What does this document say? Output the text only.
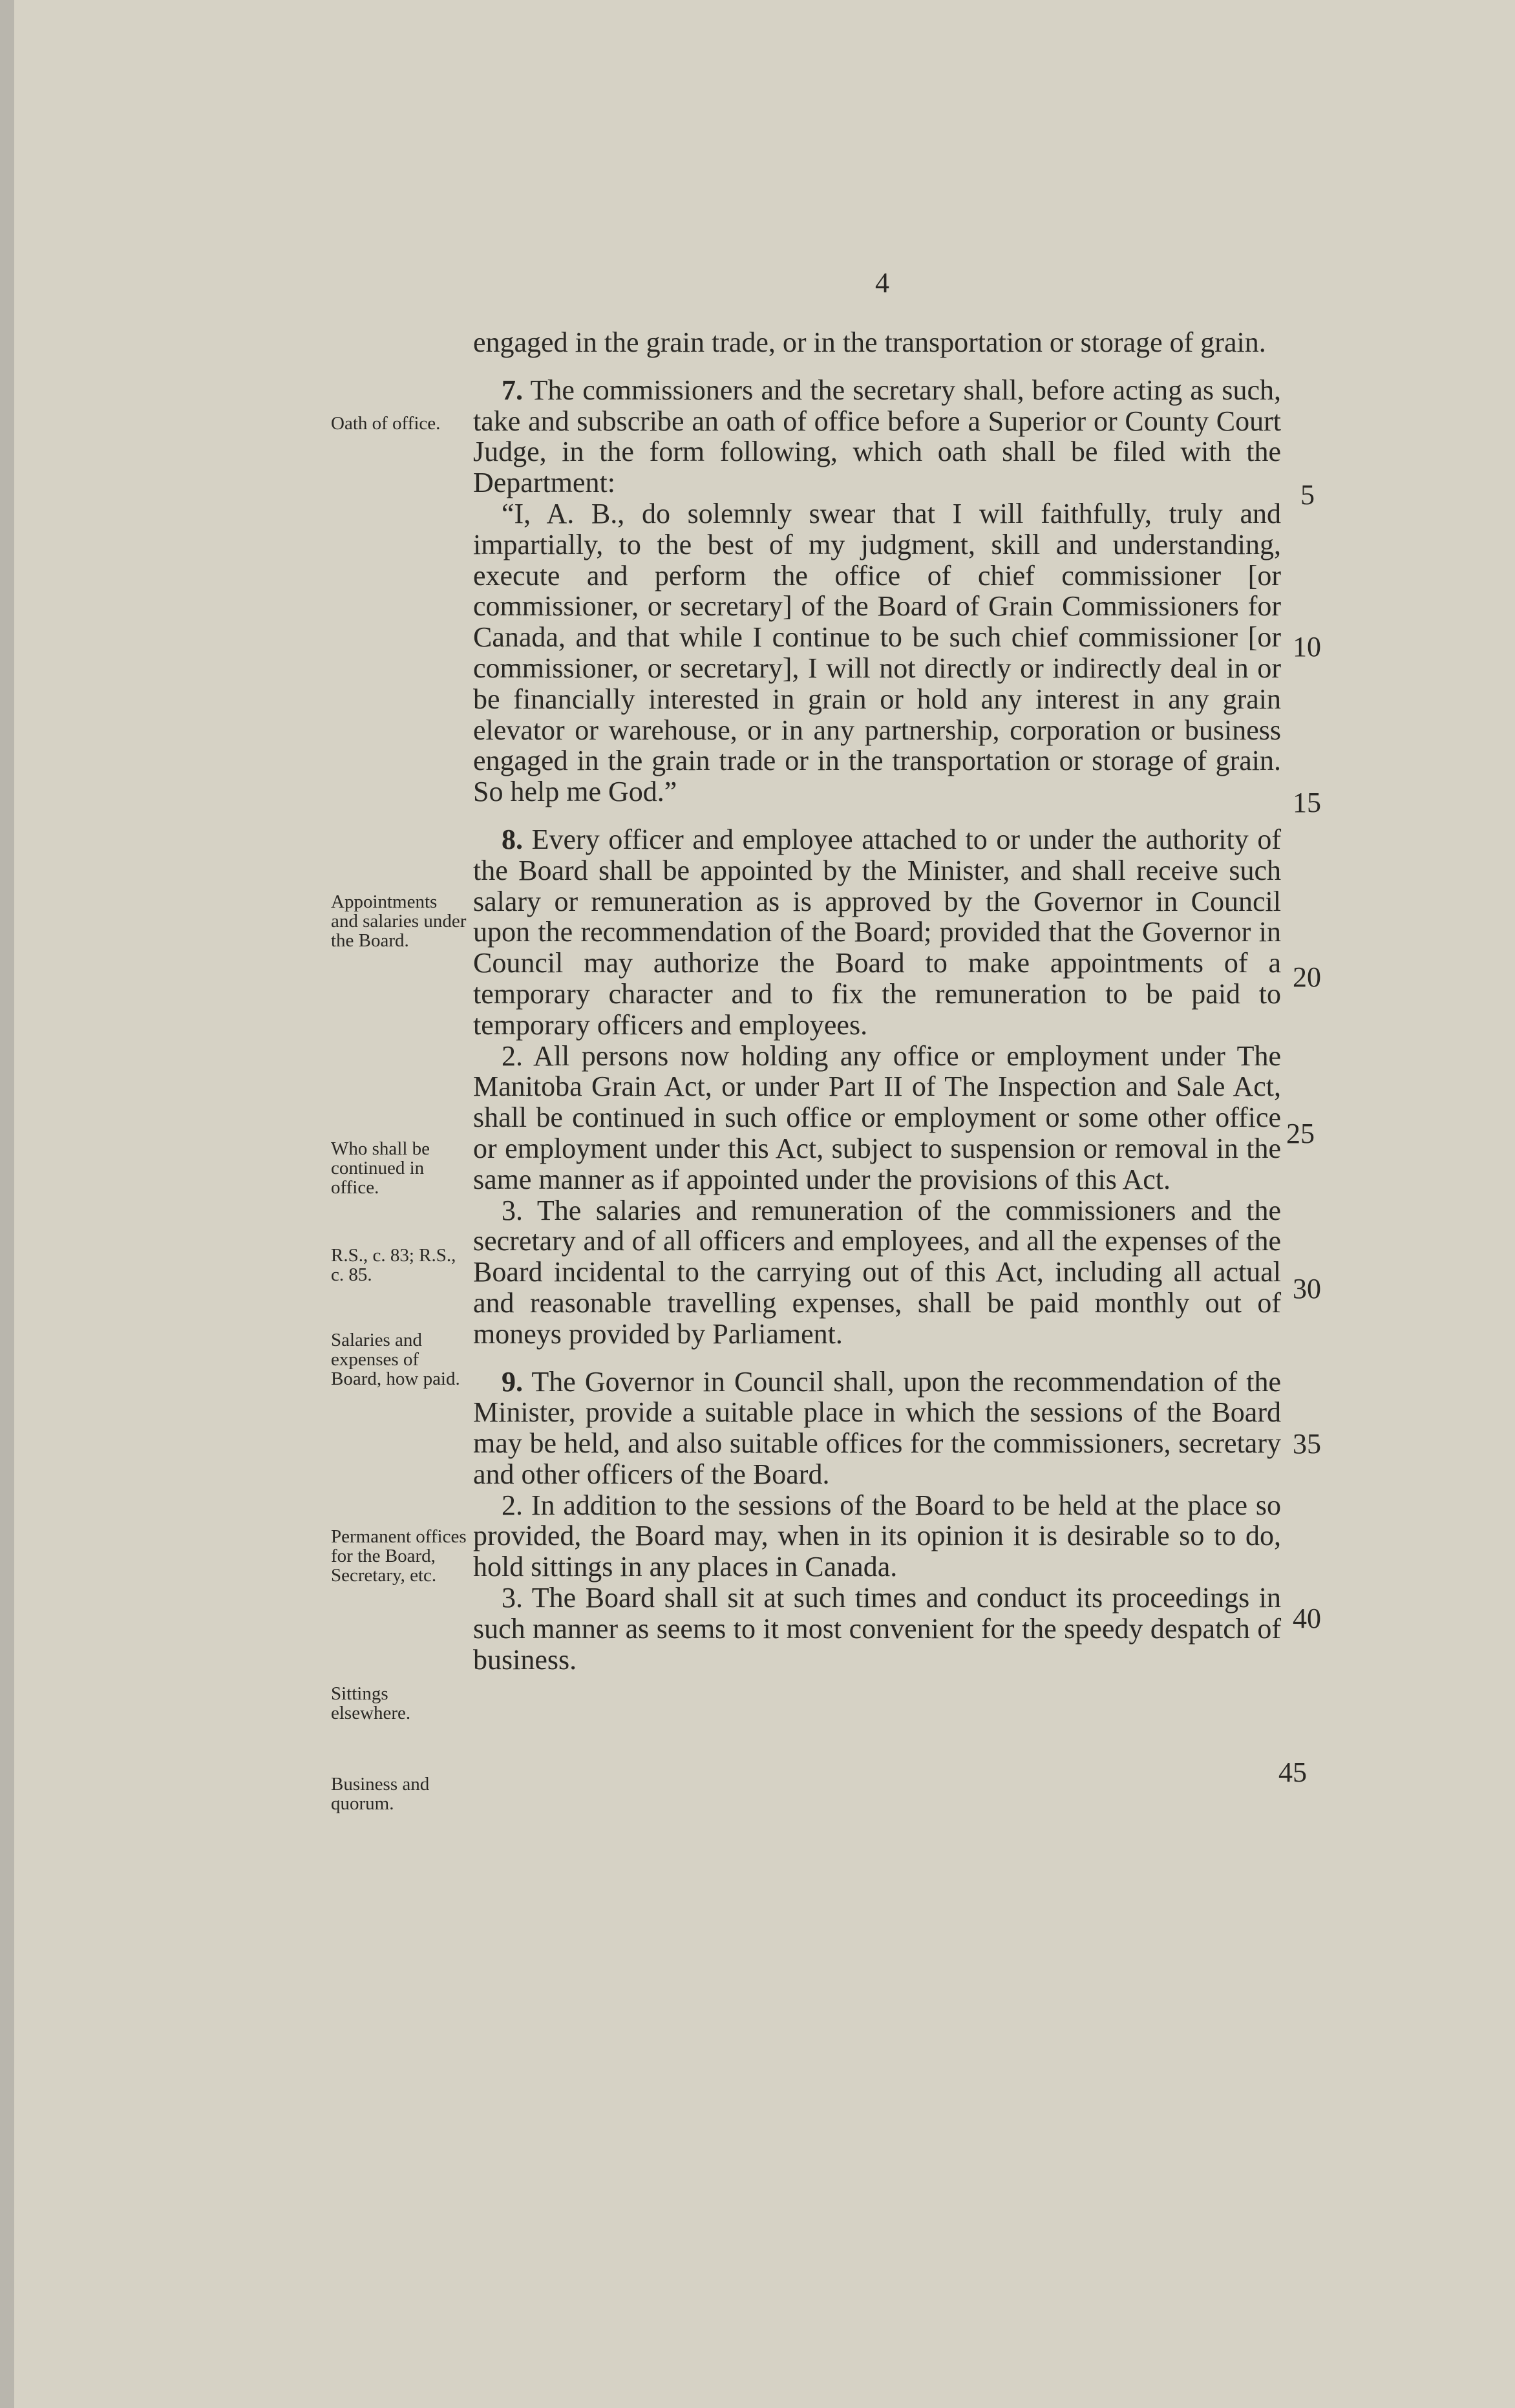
4

engaged in the grain trade, or in the transportation or storage of grain.

7. The commissioners and the secretary shall, before acting as such, take and subscribe an oath of office before a Superior or County Court Judge, in the form following, which oath shall be filed with the Department:

“I, A. B., do solemnly swear that I will faithfully, truly and impartially, to the best of my judgment, skill and understanding, execute and perform the office of chief commissioner [or commissioner, or secretary] of the Board of Grain Commissioners for Canada, and that while I continue to be such chief commissioner [or commissioner, or secretary], I will not directly or indirectly deal in or be financially interested in grain or hold any interest in any grain elevator or warehouse, or in any partnership, corporation or business engaged in the grain trade or in the transportation or storage of grain. So help me God.”

8. Every officer and employee attached to or under the authority of the Board shall be appointed by the Minister, and shall receive such salary or remuneration as is approved by the Governor in Council upon the recommendation of the Board; provided that the Governor in Council may authorize the Board to make appointments of a temporary character and to fix the remuneration to be paid to temporary officers and employees.

2. All persons now holding any office or employment under The Manitoba Grain Act, or under Part II of The Inspection and Sale Act, shall be continued in such office or employment or some other office or employment under this Act, subject to suspension or removal in the same manner as if appointed under the provisions of this Act.

3. The salaries and remuneration of the commissioners and the secretary and of all officers and employees, and all the expenses of the Board incidental to the carrying out of this Act, including all actual and reasonable travelling expenses, shall be paid monthly out of moneys provided by Parliament.

9. The Governor in Council shall, upon the recommendation of the Minister, provide a suitable place in which the sessions of the Board may be held, and also suitable offices for the commissioners, secretary and other officers of the Board.

2. In addition to the sessions of the Board to be held at the place so provided, the Board may, when in its opinion it is desirable so to do, hold sittings in any places in Canada.

3. The Board shall sit at such times and conduct its proceedings in such manner as seems to it most convenient for the speedy despatch of business.

Oath of office.
Appointments and salaries under the Board.
Who shall be continued in office.
R.S., c. 83; R.S., c. 85.
Salaries and expenses of Board, how paid.
Permanent offices for the Board, Secretary, etc.
Sittings elsewhere.
Business and quorum.
5
10
15
20
25
30
35
40
45
